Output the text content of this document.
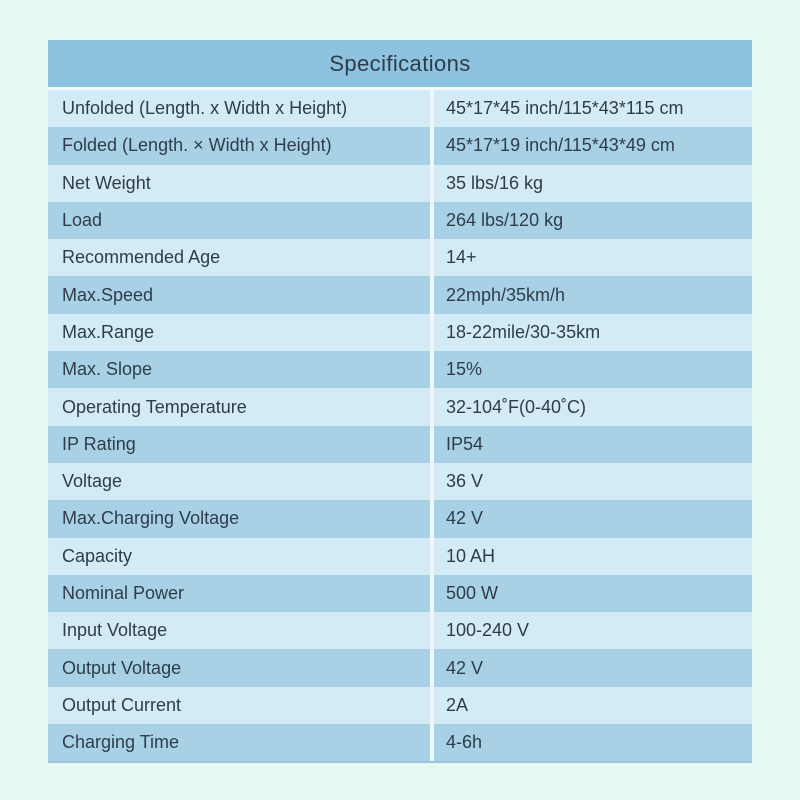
Specifications
Unfolded (Length. x Width x Height)	45*17*45 inch/115*43*115 cm
Folded (Length. × Width x Height)	45*17*19 inch/115*43*49 cm
Net Weight	35 lbs/16 kg
Load	264 lbs/120 kg
Recommended Age	14+
Max.Speed	22mph/35km/h
Max.Range	18-22mile/30-35km
Max. Slope	15%
Operating Temperature	32-104˚F(0-40˚C)
IP Rating	IP54
Voltage	36 V
Max.Charging Voltage	42 V
Capacity	10 AH
Nominal Power	500 W
Input Voltage	100-240 V
Output Voltage	42 V
Output Current	2A
Charging Time	4-6h
